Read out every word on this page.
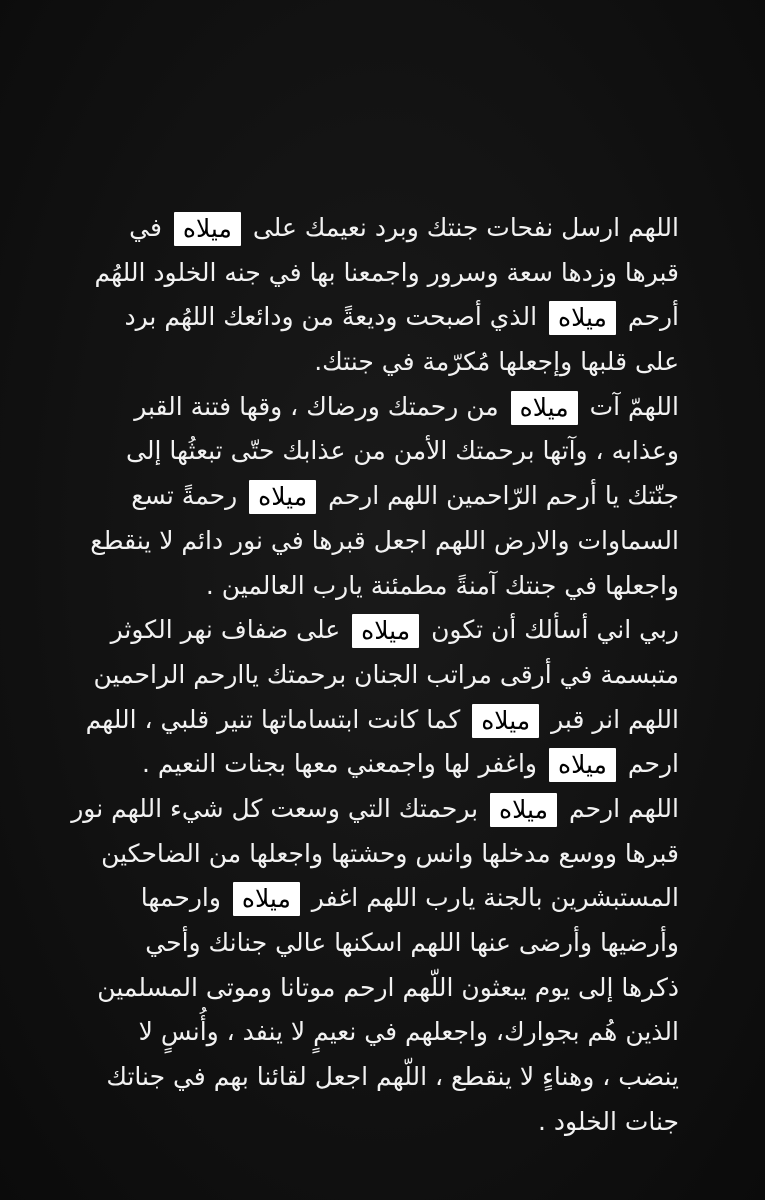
اللهم ارسل نفحات جنتك وبرد نعيمك على ميلاه في
قبرها وزدها سعة وسرور واجمعنا بها في جنه الخلود اللهُم
أرحم ميلاه الذي أصبحت وديعةً من ودائعك اللهُم برد
على قلبها وإجعلها مُكرّمة في جنتك.
اللهمّ آت ميلاه من رحمتك ورضاك ، وقها فتنة القبر
وعذابه ، وآتها برحمتك الأمن من عذابك حتّى تبعثُها إلى
جنّتك يا أرحم الرّاحمين اللهم ارحم ميلاه رحمةً تسع
السماوات والارض اللهم اجعل قبرها في نور دائم لا ينقطع
واجعلها في جنتك آمنةً مطمئنة يارب العالمين .
ربي اني أسألك أن تكون ميلاه على ضفاف نهر الكوثر
متبسمة في أرقى مراتب الجنان برحمتك ياارحم الراحمين
اللهم انر قبر ميلاه كما كانت ابتساماتها تنير قلبي ، اللهم
ارحم ميلاه واغفر لها واجمعني معها بجنات النعيم .
اللهم ارحم ميلاه برحمتك التي وسعت كل شيء اللهم نور
قبرها ووسع مدخلها وانس وحشتها واجعلها من الضاحكين
المستبشرين بالجنة يارب اللهم اغفر ميلاه وارحمها
وأرضيها وأرضى عنها اللهم اسكنها عالي جنانك وأحي
ذكرها إلى يوم يبعثون اللّهم ارحم موتانا وموتى المسلمين
الذين هُم بجوارك، واجعلهم في نعيمٍ لا ينفد ، وأُنسٍ لا
ينضب ، وهناءٍ لا ينقطع ، اللّهم اجعل لقائنا بهم في جناتك
جنات الخلود .
